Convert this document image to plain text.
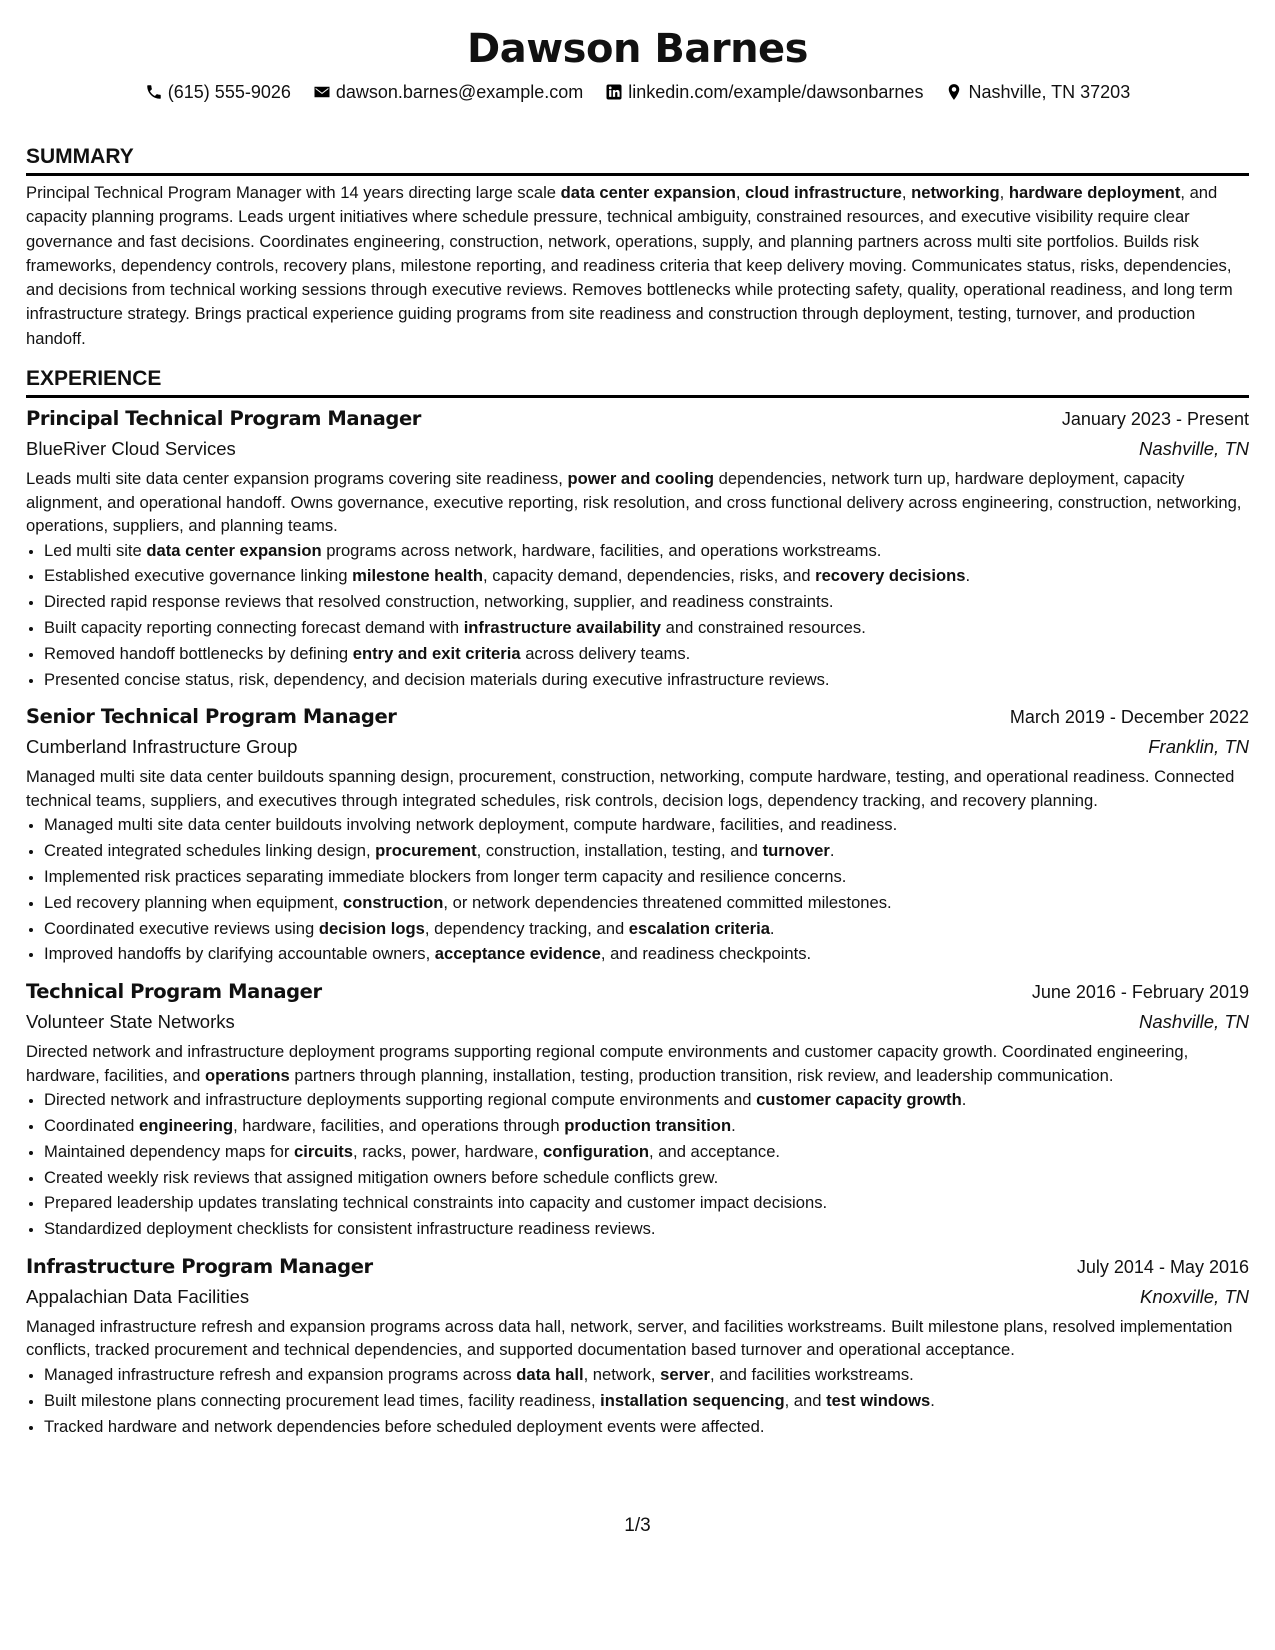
Dawson Barnes
(615) 555-9026	dawson.barnes@example.com	linkedin.com/example/dawsonbarnes	Nashville, TN 37203
SUMMARY

Principal Technical Program Manager with 14 years directing large scale data center expansion, cloud infrastructure, networking, hardware deployment, and capacity planning programs. Leads urgent initiatives where schedule pressure, technical ambiguity, constrained resources, and executive visibility require clear governance and fast decisions. Coordinates engineering, construction, network, operations, supply, and planning partners across multi site portfolios. Builds risk frameworks, dependency controls, recovery plans, milestone reporting, and readiness criteria that keep delivery moving. Communicates status, risks, dependencies, and decisions from technical working sessions through executive reviews. Removes bottlenecks while protecting safety, quality, operational readiness, and long term infrastructure strategy. Brings practical experience guiding programs from site readiness and construction through deployment, testing, turnover, and production handoff.

EXPERIENCE
Principal Technical Program Manager	January 2023 - Present
BlueRiver Cloud Services	Nashville, TN
Leads multi site data center expansion programs covering site readiness, power and cooling dependencies, network turn up, hardware deployment, capacity alignment, and operational handoff. Owns governance, executive reporting, risk resolution, and cross functional delivery across engineering, construction, networking, operations, suppliers, and planning teams.
• Led multi site data center expansion programs across network, hardware, facilities, and operations workstreams.
• Established executive governance linking milestone health, capacity demand, dependencies, risks, and recovery decisions.
• Directed rapid response reviews that resolved construction, networking, supplier, and readiness constraints.
• Built capacity reporting connecting forecast demand with infrastructure availability and constrained resources.
• Removed handoff bottlenecks by defining entry and exit criteria across delivery teams.
• Presented concise status, risk, dependency, and decision materials during executive infrastructure reviews.
Senior Technical Program Manager	March 2019 - December 2022
Cumberland Infrastructure Group	Franklin, TN
Managed multi site data center buildouts spanning design, procurement, construction, networking, compute hardware, testing, and operational readiness. Connected technical teams, suppliers, and executives through integrated schedules, risk controls, decision logs, dependency tracking, and recovery planning.
• Managed multi site data center buildouts involving network deployment, compute hardware, facilities, and readiness.
• Created integrated schedules linking design, procurement, construction, installation, testing, and turnover.
• Implemented risk practices separating immediate blockers from longer term capacity and resilience concerns.
• Led recovery planning when equipment, construction, or network dependencies threatened committed milestones.
• Coordinated executive reviews using decision logs, dependency tracking, and escalation criteria.
• Improved handoffs by clarifying accountable owners, acceptance evidence, and readiness checkpoints.
Technical Program Manager	June 2016 - February 2019
Volunteer State Networks	Nashville, TN
Directed network and infrastructure deployment programs supporting regional compute environments and customer capacity growth. Coordinated engineering, hardware, facilities, and operations partners through planning, installation, testing, production transition, risk review, and leadership communication.
• Directed network and infrastructure deployments supporting regional compute environments and customer capacity growth.
• Coordinated engineering, hardware, facilities, and operations through production transition.
• Maintained dependency maps for circuits, racks, power, hardware, configuration, and acceptance.
• Created weekly risk reviews that assigned mitigation owners before schedule conflicts grew.
• Prepared leadership updates translating technical constraints into capacity and customer impact decisions.
• Standardized deployment checklists for consistent infrastructure readiness reviews.
Infrastructure Program Manager	July 2014 - May 2016
Appalachian Data Facilities	Knoxville, TN
Managed infrastructure refresh and expansion programs across data hall, network, server, and facilities workstreams. Built milestone plans, resolved implementation conflicts, tracked procurement and technical dependencies, and supported documentation based turnover and operational acceptance.
• Managed infrastructure refresh and expansion programs across data hall, network, server, and facilities workstreams.
• Built milestone plans connecting procurement lead times, facility readiness, installation sequencing, and test windows.
• Tracked hardware and network dependencies before scheduled deployment events were affected.
1/3
